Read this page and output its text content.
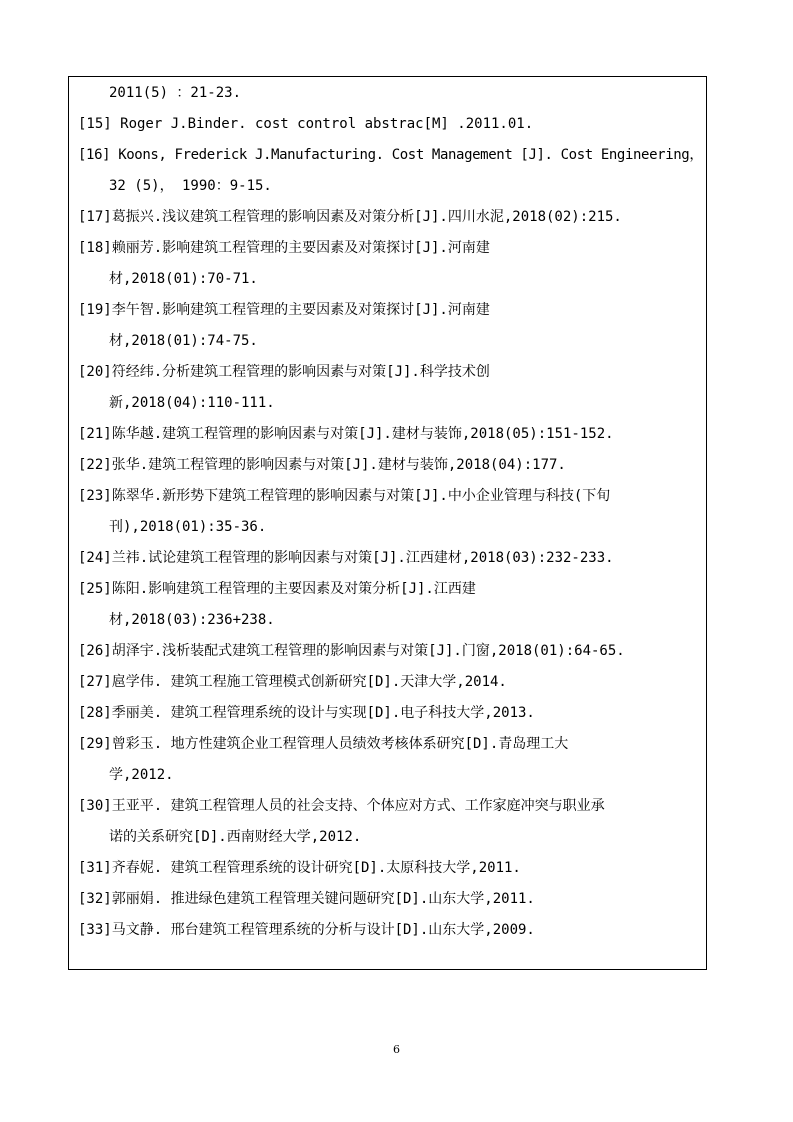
2011(5) ：21-23.
[15] Roger J.Binder. cost control abstrac[M] .2011.01.
[16] Koons, Frederick J.Manufacturing. Cost Management [J]. Cost Engineering，
32 (5)， 1990：9-15.
[17]葛振兴.浅议建筑工程管理的影响因素及对策分析[J].四川水泥,2018(02):215.
[18]赖丽芳.影响建筑工程管理的主要因素及对策探讨[J].河南建
材,2018(01):70-71.
[19]李午智.影响建筑工程管理的主要因素及对策探讨[J].河南建
材,2018(01):74-75.
[20]符经纬.分析建筑工程管理的影响因素与对策[J].科学技术创
新,2018(04):110-111.
[21]陈华越.建筑工程管理的影响因素与对策[J].建材与装饰,2018(05):151-152.
[22]张华.建筑工程管理的影响因素与对策[J].建材与装饰,2018(04):177.
[23]陈翠华.新形势下建筑工程管理的影响因素与对策[J].中小企业管理与科技(下旬
刊),2018(01):35-36.
[24]兰祎.试论建筑工程管理的影响因素与对策[J].江西建材,2018(03):232-233.
[25]陈阳.影响建筑工程管理的主要因素及对策分析[J].江西建
材,2018(03):236+238.
[26]胡泽宇.浅析装配式建筑工程管理的影响因素与对策[J].门窗,2018(01):64-65.
[27]扈学伟. 建筑工程施工管理模式创新研究[D].天津大学,2014.
[28]季丽美. 建筑工程管理系统的设计与实现[D].电子科技大学,2013.
[29]曾彩玉. 地方性建筑企业工程管理人员绩效考核体系研究[D].青岛理工大
学,2012.
[30]王亚平. 建筑工程管理人员的社会支持、个体应对方式、工作家庭冲突与职业承
诺的关系研究[D].西南财经大学,2012.
[31]齐春妮. 建筑工程管理系统的设计研究[D].太原科技大学,2011.
[32]郭丽娟. 推进绿色建筑工程管理关键问题研究[D].山东大学,2011.
[33]马文静. 邢台建筑工程管理系统的分析与设计[D].山东大学,2009.
6
